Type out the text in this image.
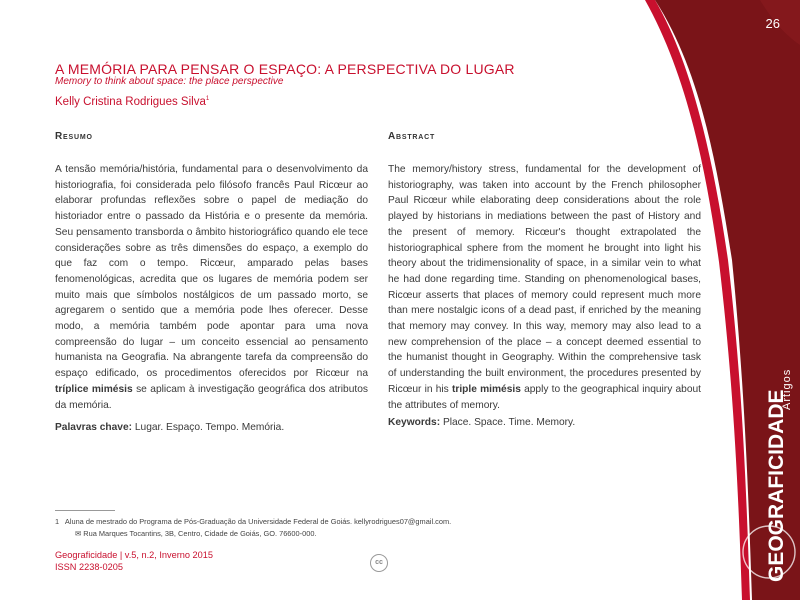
26
A MEMÓRIA PARA PENSAR O ESPAÇO: A PERSPECTIVA DO LUGAR
Memory to think about space: the place perspective
Kelly Cristina Rodrigues Silva$^1$
Resumo	Abstract

A tensão memória/história, fundamental para o desenvolvimento da historiografia, foi considerada pelo filósofo francês Paul Ricœur ao elaborar profundas reflexões sobre o papel de mediação do historiador entre o passado da História e o presente da memória. Seu pensamento transborda o âmbito historiográfico quando ele tece considerações sobre as três dimensões do espaço, a exemplo do que faz com o tempo. Ricœur, amparado pelas bases fenomenológicas, acredita que os lugares de memória podem ser muito mais que símbolos nostálgicos de um passado morto, se agregarem o sentido que a memória pode lhes oferecer. Desse modo, a memória também pode apontar para uma nova compreensão do lugar – um conceito essencial ao pensamento humanista na Geografia. Na abrangente tarefa da compreensão do espaço edificado, os procedimentos oferecidos por Ricœur na tríplice mimésis se aplicam à investigação geográfica dos atributos da memória.

The memory/history stress, fundamental for the development of historiography, was taken into account by the French philosopher Paul Ricœur while elaborating deep considerations about the role played by historians in mediations between the past of History and the present of memory. Ricœur's thought extrapolated the historiographical sphere from the moment he brought into light his theory about the tridimensionality of space, in a similar vein to what he had done regarding time. Standing on phenomenological bases, Ricœur asserts that places of memory could represent much more than mere nostalgic icons of a dead past, if enriched by the meaning that memory may convey. In this way, memory may also lead to a new comprehension of the place – a concept deemed essential to the humanist thought in Geography. Within the comprehensive task of understanding the built environment, the procedures presented by Ricœur in his triple mimésis apply to the geographical inquiry about the attributes of memory.

Palavras chave: Lugar. Espaço. Tempo. Memória.	Keywords: Place. Space. Time. Memory.	GEOGRAFICIDADE
Artigos
1 Aluna de mestrado do Programa de Pós-Graduação da Universidade Federal de Goiás. kellyrodrigues07@gmail.com.
✉ Rua Marques Tocantins, 3B, Centro, Cidade de Goiás, GO. 76600-000.
Geograficidade | v.5, n.2, Inverno 2015
ISSN 2238-0205	cc
